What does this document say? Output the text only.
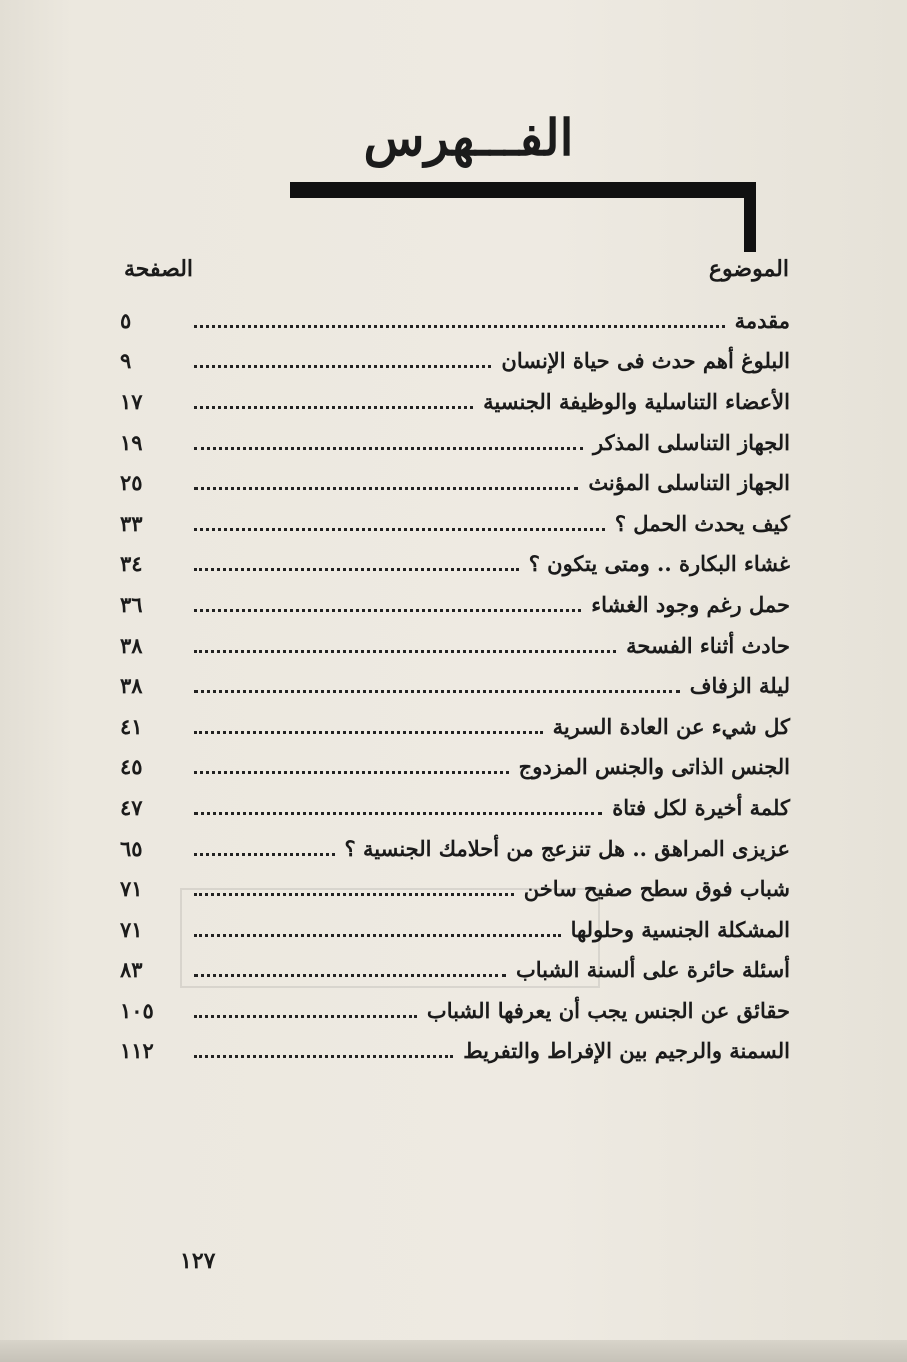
الفـــهرس
الموضوع
الصفحة
مقدمة
٥
البلوغ أهم حدث فى حياة الإنسان
٩
الأعضاء التناسلية والوظيفة الجنسية
١٧
الجهاز التناسلى المذكر
١٩
الجهاز التناسلى المؤنث
٢٥
كيف يحدث الحمل ؟
٣٣
غشاء البكارة .. ومتى يتكون ؟
٣٤
حمل رغم وجود الغشاء
٣٦
حادث أثناء الفسحة
٣٨
ليلة الزفاف
٣٨
كل شيء عن العادة السرية
٤١
الجنس الذاتى والجنس المزدوج
٤٥
كلمة أخيرة لكل فتاة
٤٧
عزيزى المراهق .. هل تنزعج من أحلامك الجنسية ؟
٦٥
شباب فوق سطح صفيح ساخن
٧١
المشكلة الجنسية وحلولها
٧١
أسئلة حائرة على ألسنة الشباب
٨٣
حقائق عن الجنس يجب أن يعرفها الشباب
١٠٥
السمنة والرجيم بين الإفراط والتفريط
١١٢
١٢٧
